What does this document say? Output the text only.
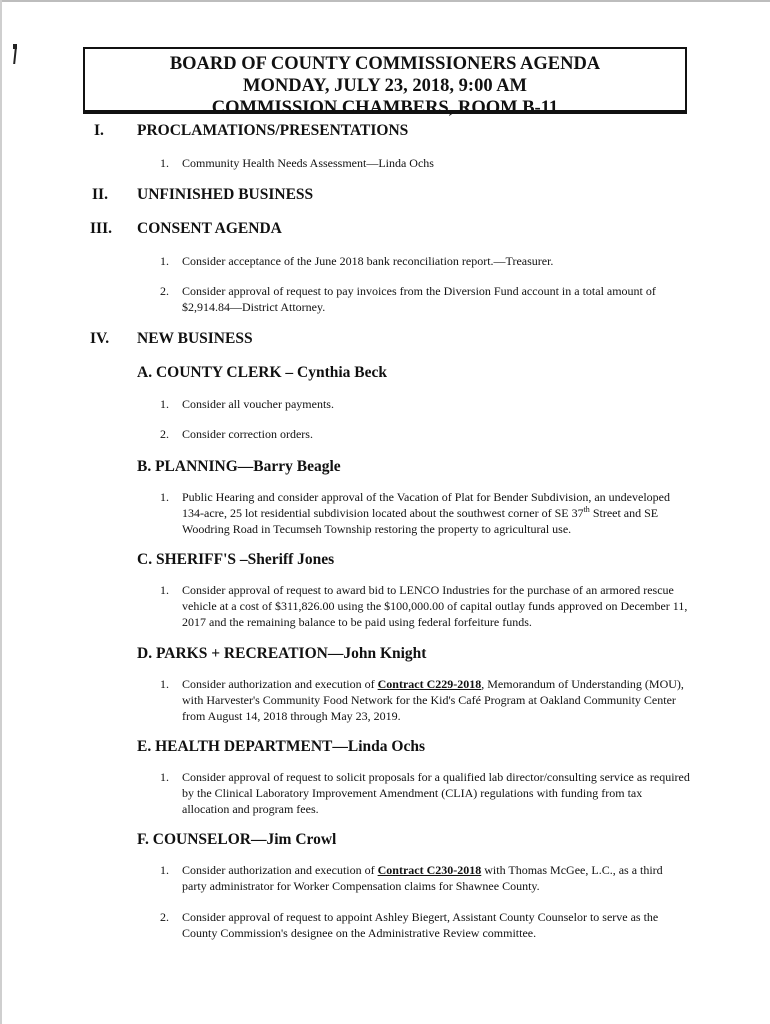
BOARD OF COUNTY COMMISSIONERS AGENDA
MONDAY, JULY 23, 2018, 9:00 AM
COMMISSION CHAMBERS, ROOM B-11
I. PROCLAMATIONS/PRESENTATIONS
1. Community Health Needs Assessment—Linda Ochs
II. UNFINISHED BUSINESS
III. CONSENT AGENDA
1. Consider acceptance of the June 2018 bank reconciliation report.—Treasurer.
2. Consider approval of request to pay invoices from the Diversion Fund account in a total amount of $2,914.84—District Attorney.
IV. NEW BUSINESS
A. COUNTY CLERK – Cynthia Beck
1. Consider all voucher payments.
2. Consider correction orders.
B. PLANNING—Barry Beagle
1. Public Hearing and consider approval of the Vacation of Plat for Bender Subdivision, an undeveloped 134-acre, 25 lot residential subdivision located about the southwest corner of SE 37th Street and SE Woodring Road in Tecumseh Township restoring the property to agricultural use.
C. SHERIFF'S –Sheriff Jones
1. Consider approval of request to award bid to LENCO Industries for the purchase of an armored rescue vehicle at a cost of $311,826.00 using the $100,000.00 of capital outlay funds approved on December 11, 2017 and the remaining balance to be paid using federal forfeiture funds.
D. PARKS + RECREATION—John Knight
1. Consider authorization and execution of Contract C229-2018, Memorandum of Understanding (MOU), with Harvester's Community Food Network for the Kid's Café Program at Oakland Community Center from August 14, 2018 through May 23, 2019.
E. HEALTH DEPARTMENT—Linda Ochs
1. Consider approval of request to solicit proposals for a qualified lab director/consulting service as required by the Clinical Laboratory Improvement Amendment (CLIA) regulations with funding from tax allocation and program fees.
F. COUNSELOR—Jim Crowl
1. Consider authorization and execution of Contract C230-2018 with Thomas McGee, L.C., as a third party administrator for Worker Compensation claims for Shawnee County.
2. Consider approval of request to appoint Ashley Biegert, Assistant County Counselor to serve as the County Commission's designee on the Administrative Review committee.
